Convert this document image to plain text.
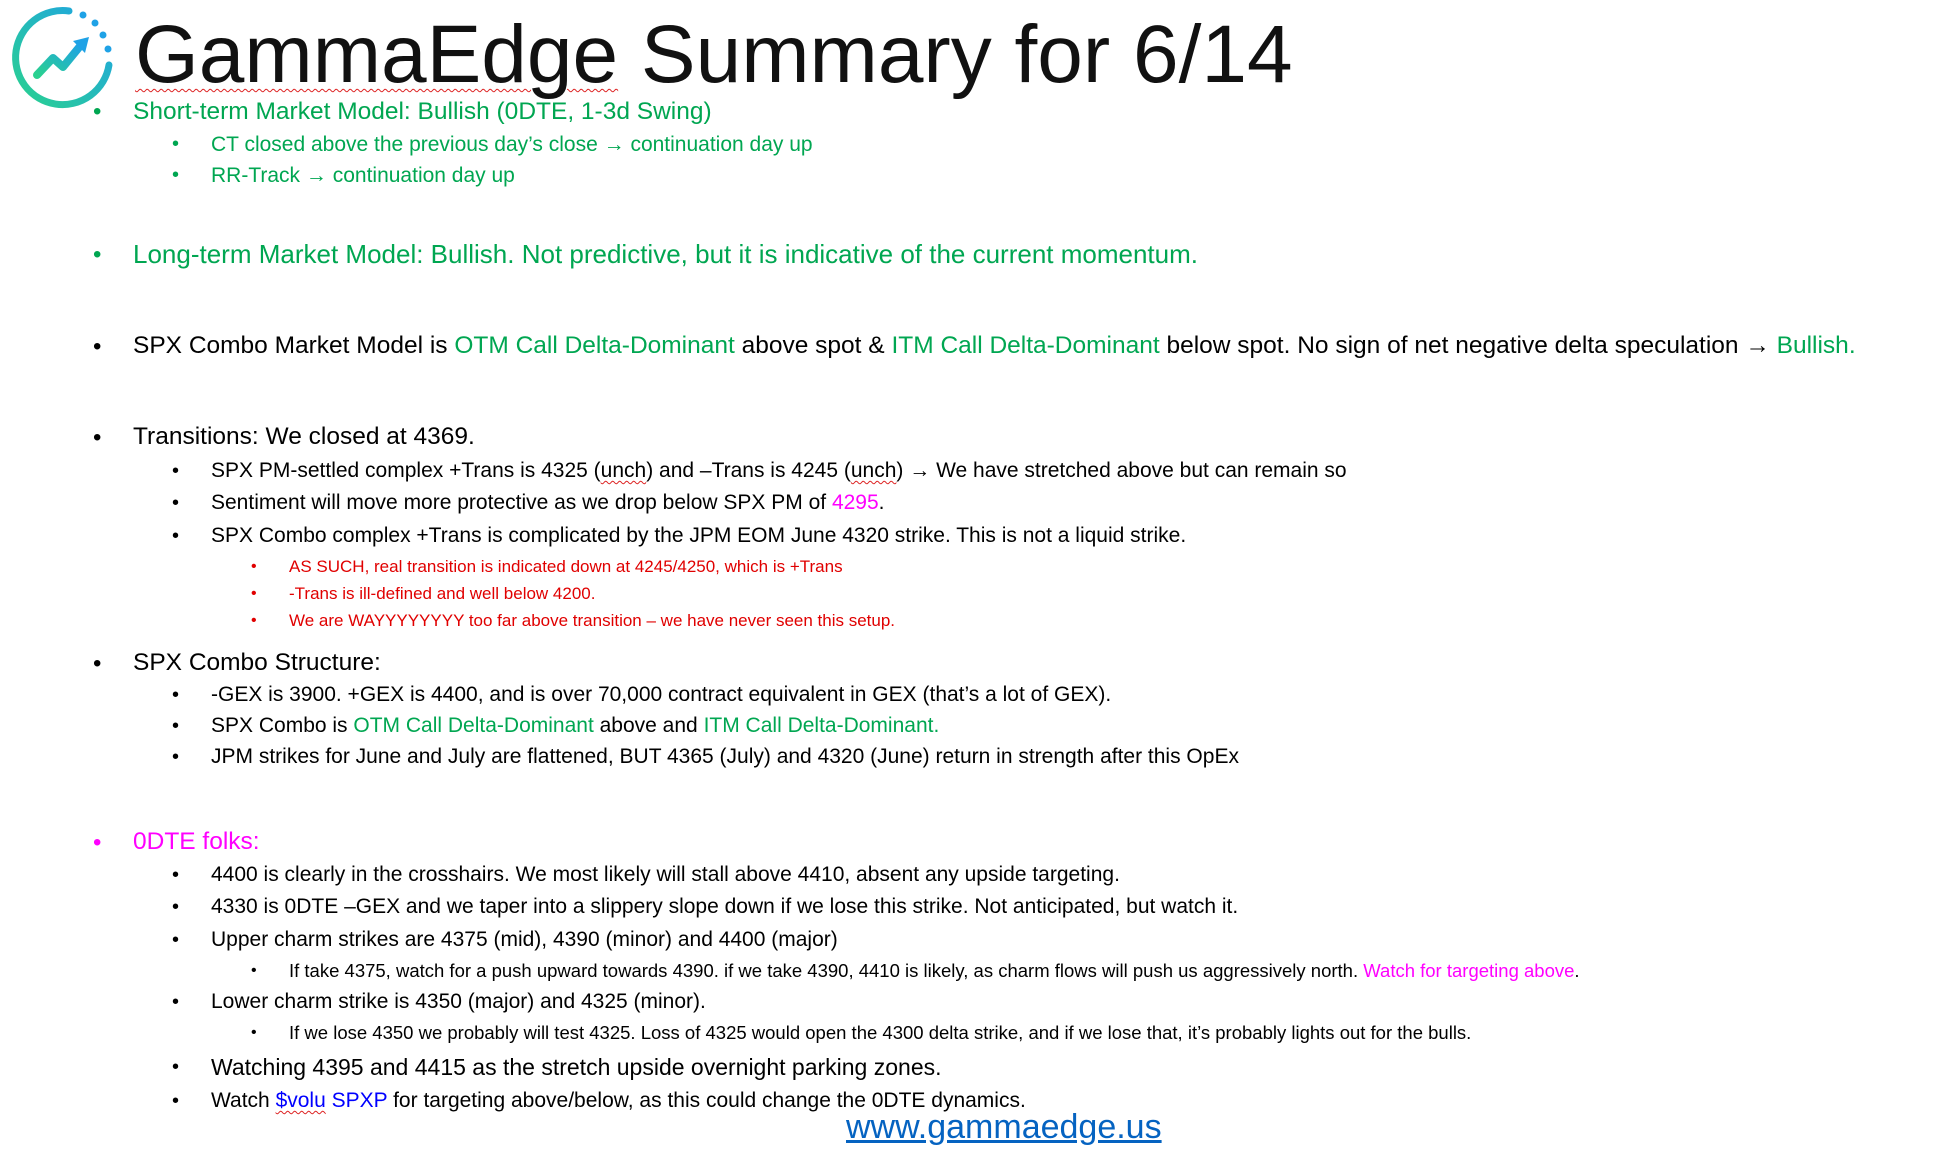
GammaEdge Summary for 6/14
• Short-term Market Model: Bullish (0DTE, 1-3d Swing)
• CT closed above the previous day’s close → continuation day up
• RR-Track → continuation day up
• Long-term Market Model: Bullish. Not predictive, but it is indicative of the current momentum.
• SPX Combo Market Model is OTM Call Delta-Dominant above spot & ITM Call Delta-Dominant below spot. No sign of net negative delta speculation → Bullish.
• Transitions: We closed at 4369.
• SPX PM-settled complex +Trans is 4325 (unch) and –Trans is 4245 (unch) → We have stretched above but can remain so
• Sentiment will move more protective as we drop below SPX PM of 4295.
• SPX Combo complex +Trans is complicated by the JPM EOM June 4320 strike. This is not a liquid strike.
• AS SUCH, real transition is indicated down at 4245/4250, which is +Trans
• -Trans is ill-defined and well below 4200.
• We are WAYYYYYYYY too far above transition – we have never seen this setup.
• SPX Combo Structure:
• -GEX is 3900. +GEX is 4400, and is over 70,000 contract equivalent in GEX (that’s a lot of GEX).
• SPX Combo is OTM Call Delta-Dominant above and ITM Call Delta-Dominant.
• JPM strikes for June and July are flattened, BUT 4365 (July) and 4320 (June) return in strength after this OpEx
• 0DTE folks:
• 4400 is clearly in the crosshairs. We most likely will stall above 4410, absent any upside targeting.
• 4330 is 0DTE –GEX and we taper into a slippery slope down if we lose this strike. Not anticipated, but watch it.
• Upper charm strikes are 4375 (mid), 4390 (minor) and 4400 (major)
• If take 4375, watch for a push upward towards 4390. if we take 4390, 4410 is likely, as charm flows will push us aggressively north. Watch for targeting above.
• Lower charm strike is 4350 (major) and 4325 (minor).
• If we lose 4350 we probably will test 4325. Loss of 4325 would open the 4300 delta strike, and if we lose that, it’s probably lights out for the bulls.
• Watching 4395 and 4415 as the stretch upside overnight parking zones.
• Watch $volu SPXP for targeting above/below, as this could change the 0DTE dynamics.
www.gammaedge.us
